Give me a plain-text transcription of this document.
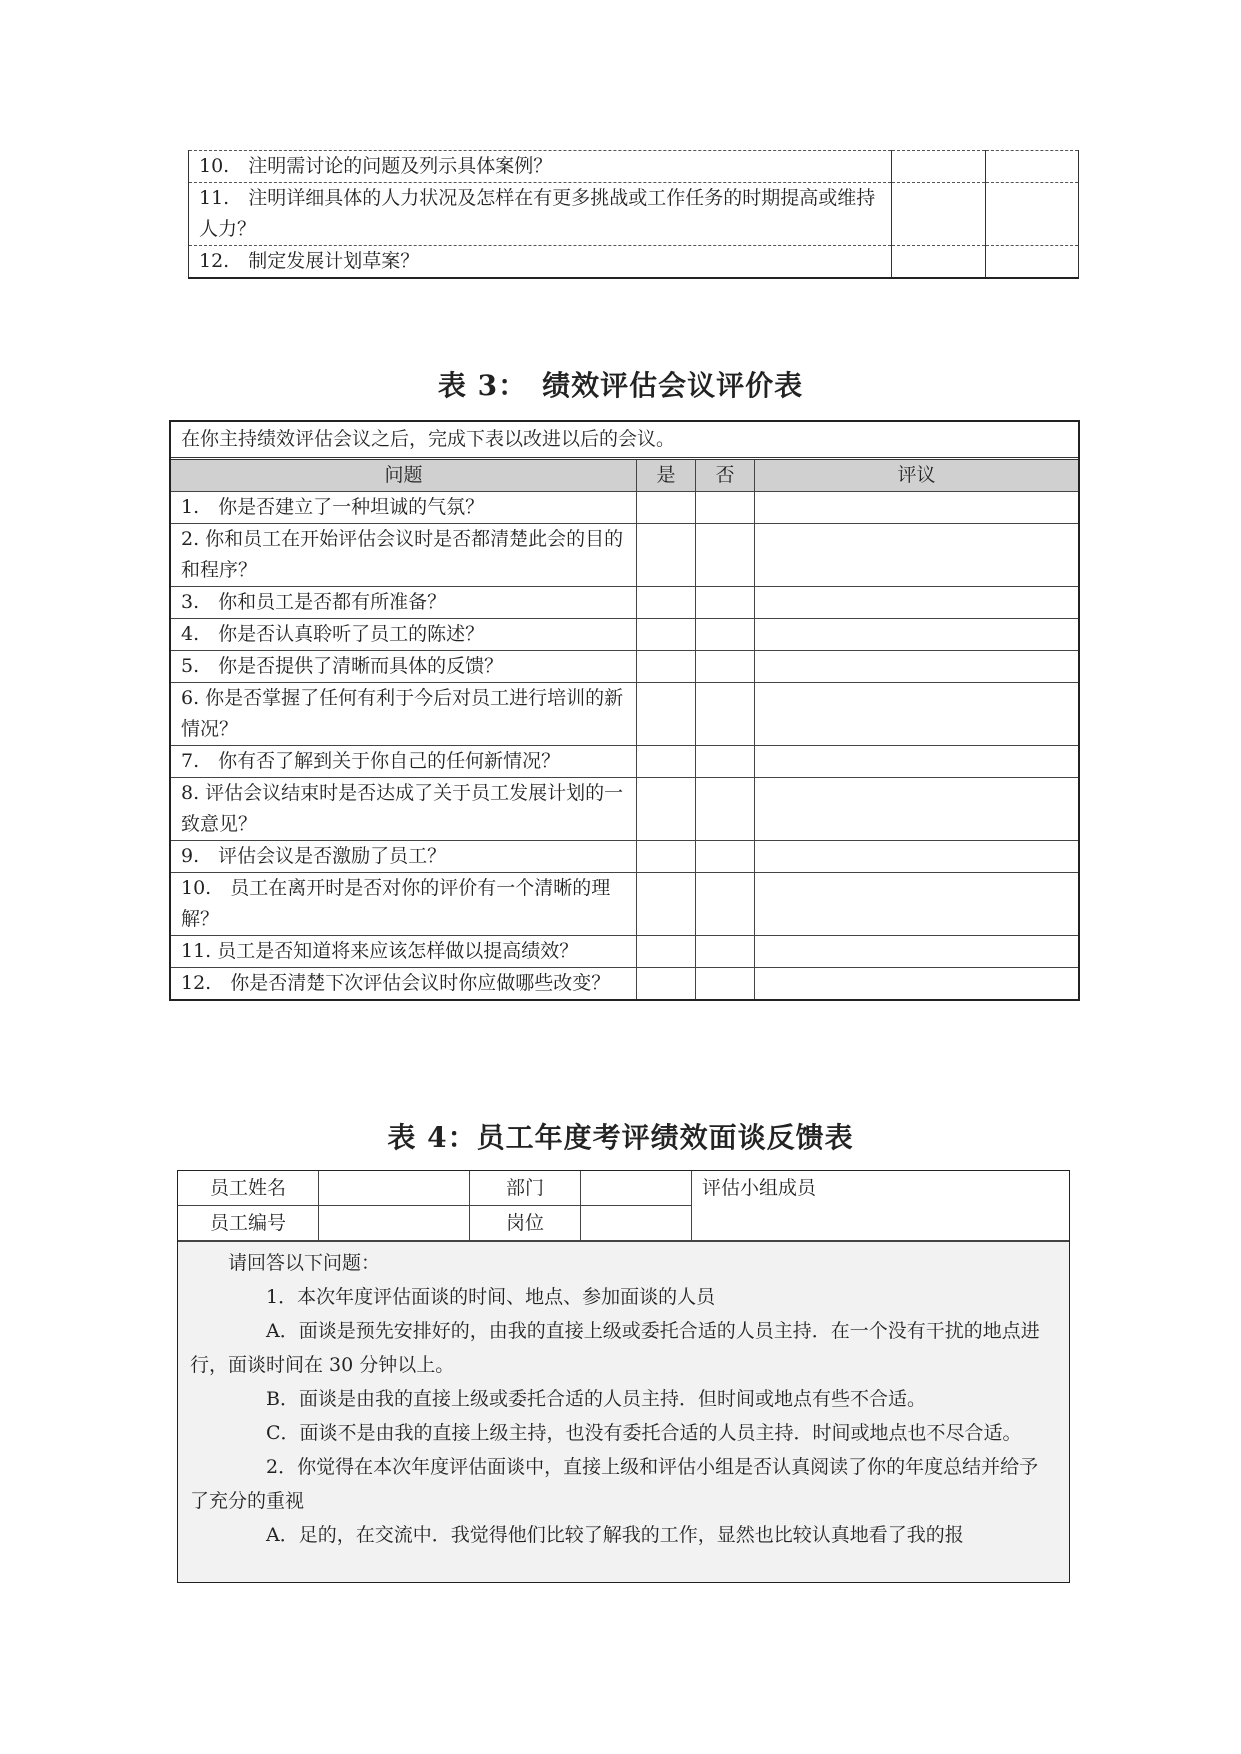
10.　注明需讨论的问题及列示具体案例？		
11.　注明详细具体的人力状况及怎样在有更多挑战或工作任务的时期提高或维持人力？		
12.　制定发展计划草案？		
表 3：　绩效评估会议评价表
在你主持绩效评估会议之后，完成下表以改进以后的会议。
问题	是	否	评议
1.　你是否建立了一种坦诚的气氛？			
2. 你和员工在开始评估会议时是否都清楚此会的目的和程序？			
3.　你和员工是否都有所准备？			
4.　你是否认真聆听了员工的陈述？			
5.　你是否提供了清晰而具体的反馈？			
6. 你是否掌握了任何有利于今后对员工进行培训的新情况？			
7.　你有否了解到关于你自己的任何新情况？			
8. 评估会议结束时是否达成了关于员工发展计划的一致意见？			
9.　评估会议是否激励了员工？			
10.　员工在离开时是否对你的评价有一个清晰的理解？			
11. 员工是否知道将来应该怎样做以提高绩效？			
12.　你是否清楚下次评估会议时你应做哪些改变？			
表 4：员工年度考评绩效面谈反馈表
员工姓名		部门		评估小组成员
员工编号		岗位		

请回答以下问题：

1．本次年度评估面谈的时间、地点、参加面谈的人员

A．面谈是预先安排好的，由我的直接上级或委托合适的人员主持．在一个没有干扰的地点进行，面谈时间在 30 分钟以上。

B．面谈是由我的直接上级或委托合适的人员主持．但时间或地点有些不合适。

C．面谈不是由我的直接上级主持，也没有委托合适的人员主持．时间或地点也不尽合适。

2．你觉得在本次年度评估面谈中，直接上级和评估小组是否认真阅读了你的年度总结并给予了充分的重视

A．足的，在交流中．我觉得他们比较了解我的工作，显然也比较认真地看了我的报
